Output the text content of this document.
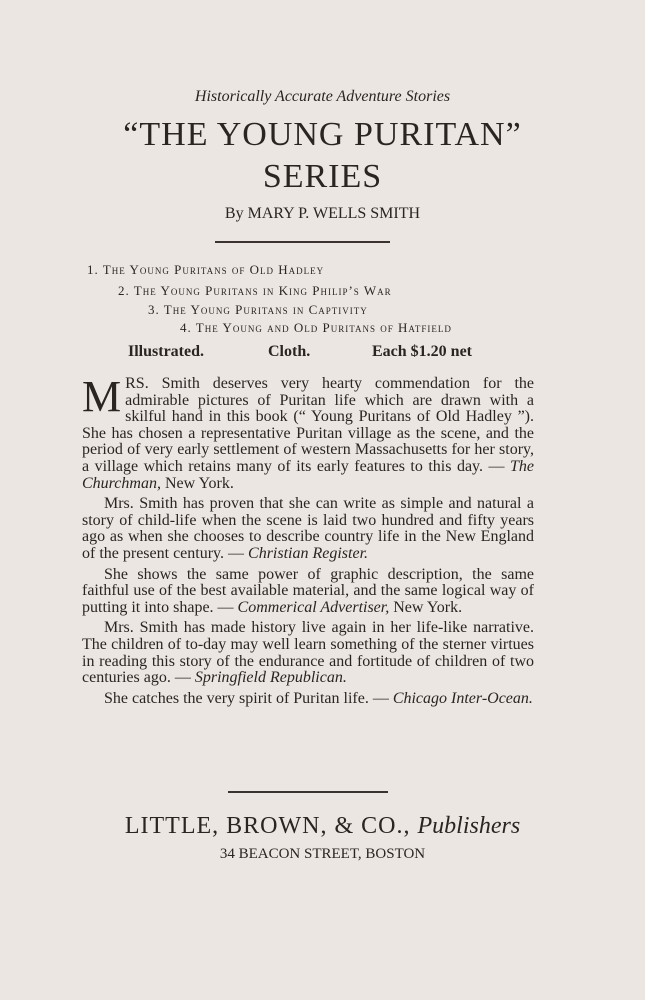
Historically Accurate Adventure Stories
“THE YOUNG PURITAN”
SERIES
By MARY P. WELLS SMITH
1. The Young Puritans of Old Hadley
2. The Young Puritans in King Philip’s War
3. The Young Puritans in Captivity
4. The Young and Old Puritans of Hatfield
Illustrated.	Cloth.	Each $1.20 net

MRS. Smith deserves very hearty commendation for the admirable pictures of Puritan life which are drawn with a skilful hand in this book (“ Young Puritans of Old Hadley ”). She has chosen a representative Puritan village as the scene, and the period of very early settlement of western Massachusetts for her story, a village which retains many of its early features to this day. — The Churchman, New York.

Mrs. Smith has proven that she can write as simple and natural a story of child-life when the scene is laid two hundred and fifty years ago as when she chooses to describe country life in the New England of the present century. — Christian Register.

She shows the same power of graphic description, the same faithful use of the best available material, and the same logical way of putting it into shape. — Commerical Advertiser, New York.

Mrs. Smith has made history live again in her life-like narrative. The children of to-day may well learn something of the sterner virtues in reading this story of the endurance and fortitude of children of two centuries ago. — Springfield Republican.

She catches the very spirit of Puritan life. — Chicago Inter-Ocean.

LITTLE, BROWN, & CO., Publishers
34 BEACON STREET, BOSTON
